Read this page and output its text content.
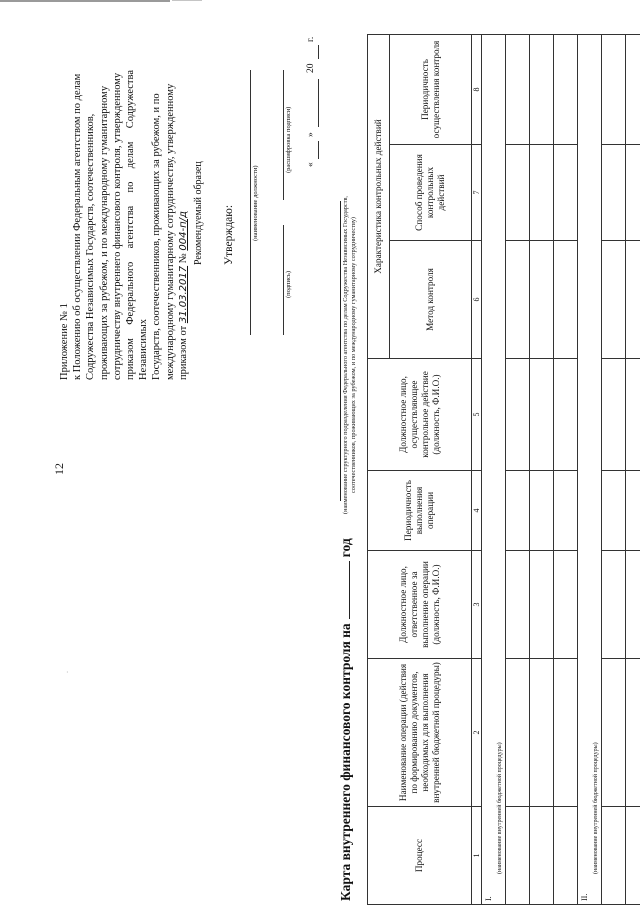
·
12
Приложение № 1 к Положению об осуществлении Федеральным агентством по делам Содружества Независимых Государств, соотечественников, проживающих за рубежом, и по международному гуманитарному сотрудничеству внутреннего финансового контроля, утвержденному приказом Федерального агентства по делам Содружества Независимых Государств, соотечественников, проживающих за рубежом, и по международному гуманитарному сотрудничеству, утвержденному приказом от 31.03.2017 № 004-п/д Рекомендуемый образец Утверждаю:	(наименование должности)
(подпись)
(расшифровка подписи) «
»
20
г.
Карта внутреннего финансового контроля нагод
(наименование структурного подразделения Федерального агентства по делам Содружества Независимых Государств,
соотечественников, проживающих за рубежом, и по международному гуманитарному сотрудничеству)
Процесс	Наименование операции (действия по формированию документов, необходимых для выполнения внутренней бюджетной процедуры)	Должностное лицо, ответственное за выполнение операции (должность, Ф.И.О.)	Периодичность выполнения операции	Должностное лицо, осуществляющее контрольное действие (должность, Ф.И.О.)	Характеристика контрольных действий		
					Метод контроля	Способ проведения контрольных действий	Периодичность осуществления контроля
1	2	3	4	5	6	7	8
I.							
(наименование внутренней бюджетной процедуры)							

II.							
(наименование внутренней бюджетной процедуры)							
